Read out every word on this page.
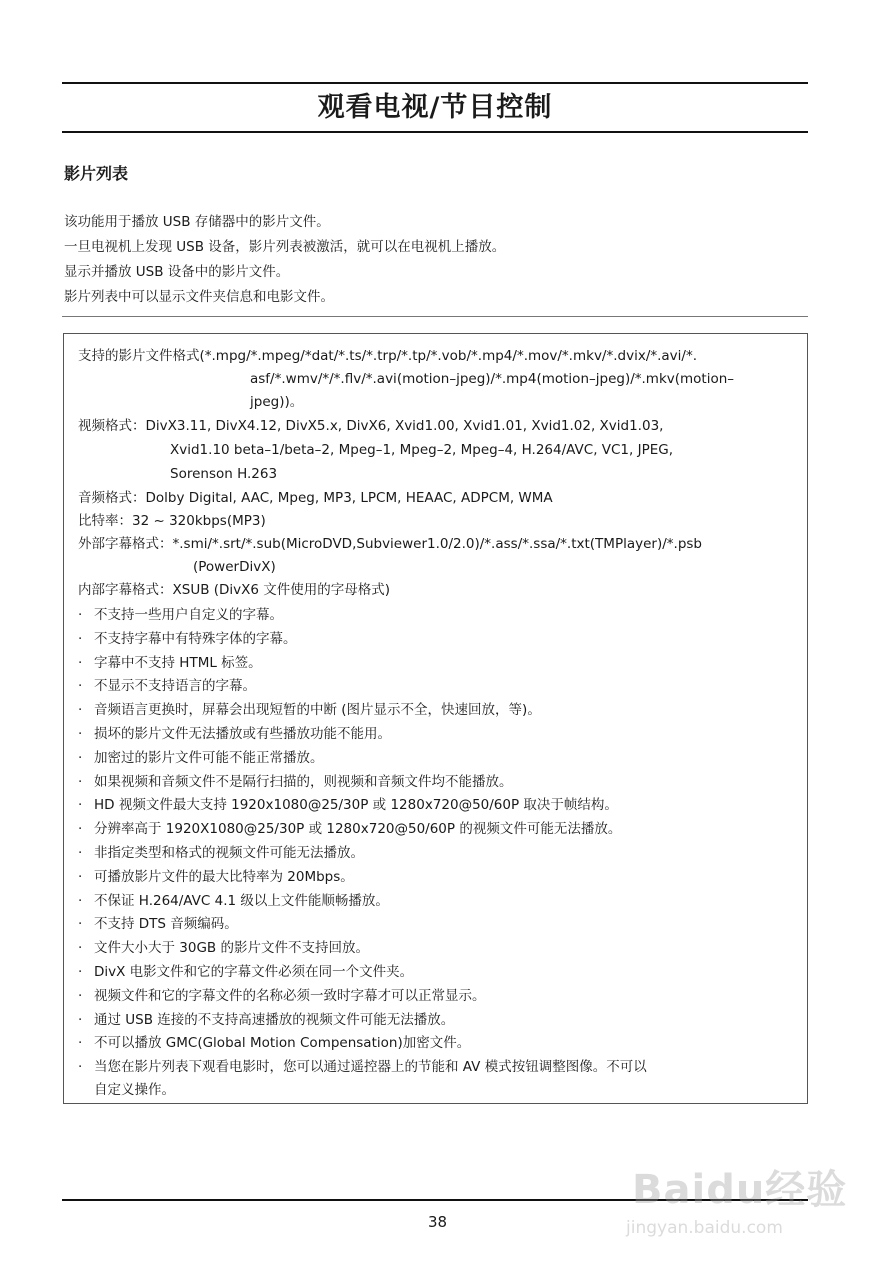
观看电视/节目控制
影片列表
该功能用于播放 USB 存储器中的影片文件。
一旦电视机上发现 USB 设备，影片列表被激活，就可以在电视机上播放。
显示并播放 USB 设备中的影片文件。
影片列表中可以显示文件夹信息和电影文件。
支持的影片文件格式(*.mpg/*.mpeg/*dat/*.ts/*.trp/*.tp/*.vob/*.mp4/*.mov/*.mkv/*.dvix/*.avi/*.
asf/*.wmv/*/*.flv/*.avi(motion–jpeg)/*.mp4(motion–jpeg)/*.mkv(motion–
jpeg))。
视频格式：DivX3.11, DivX4.12, DivX5.x, DivX6, Xvid1.00, Xvid1.01, Xvid1.02, Xvid1.03,
Xvid1.10 beta–1/beta–2, Mpeg–1, Mpeg–2, Mpeg–4, H.264/AVC, VC1, JPEG,
Sorenson H.263
音频格式：Dolby Digital, AAC, Mpeg, MP3, LPCM, HEAAC, ADPCM, WMA
比特率：32 ~ 320kbps(MP3)
外部字幕格式：*.smi/*.srt/*.sub(MicroDVD,Subviewer1.0/2.0)/*.ass/*.ssa/*.txt(TMPlayer)/*.psb
(PowerDivX)
内部字幕格式：XSUB (DivX6 文件使用的字母格式)
· 不支持一些用户自定义的字幕。
· 不支持字幕中有特殊字体的字幕。
· 字幕中不支持 HTML 标签。
· 不显示不支持语言的字幕。
· 音频语言更换时，屏幕会出现短暂的中断 (图片显示不全，快速回放，等)。
· 损坏的影片文件无法播放或有些播放功能不能用。
· 加密过的影片文件可能不能正常播放。
· 如果视频和音频文件不是隔行扫描的，则视频和音频文件均不能播放。
· HD 视频文件最大支持 1920x1080@25/30P 或 1280x720@50/60P 取决于帧结构。
· 分辨率高于 1920X1080@25/30P 或 1280x720@50/60P 的视频文件可能无法播放。
· 非指定类型和格式的视频文件可能无法播放。
· 可播放影片文件的最大比特率为 20Mbps。
· 不保证 H.264/AVC 4.1 级以上文件能顺畅播放。
· 不支持 DTS 音频编码。
· 文件大小大于 30GB 的影片文件不支持回放。
· DivX 电影文件和它的字幕文件必须在同一个文件夹。
· 视频文件和它的字幕文件的名称必须一致时字幕才可以正常显示。
· 通过 USB 连接的不支持高速播放的视频文件可能无法播放。
· 不可以播放 GMC(Global Motion Compensation)加密文件。
· 当您在影片列表下观看电影时，您可以通过遥控器上的节能和 AV 模式按钮调整图像。不可以
自定义操作。
38
Baidu经验
jingyan.baidu.com
